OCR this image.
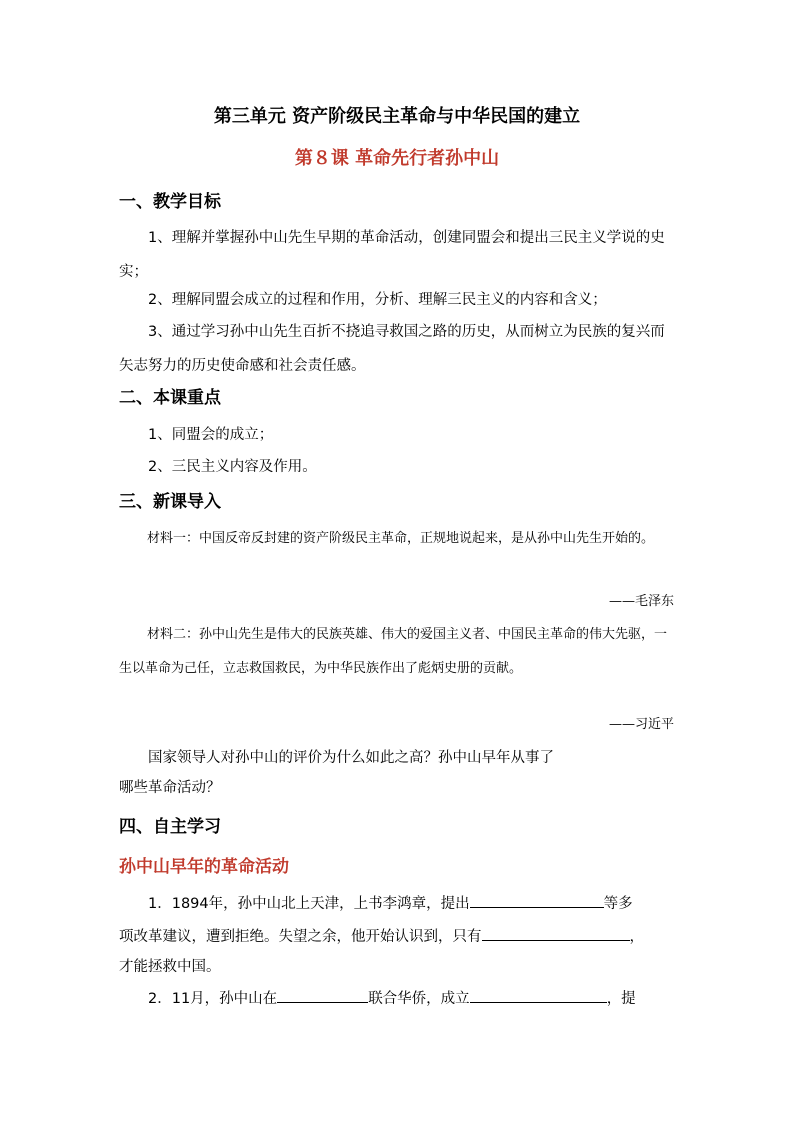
第三单元 资产阶级民主革命与中华民国的建立
第８课 革命先行者孙中山
一、教学目标
1、理解并掌握孙中山先生早期的革命活动，创建同盟会和提出三民主义学说的史实；
2、理解同盟会成立的过程和作用，分析、理解三民主义的内容和含义；
3、通过学习孙中山先生百折不挠追寻救国之路的历史，从而树立为民族的复兴而矢志努力的历史使命感和社会责任感。
二、本课重点
1、同盟会的成立；
2、三民主义内容及作用。
三、新课导入
材料一：中国反帝反封建的资产阶级民主革命，正规地说起来，是从孙中山先生开始的。
——毛泽东
材料二：孙中山先生是伟大的民族英雄、伟大的爱国主义者、中国民主革命的伟大先驱，一生以革命为己任，立志救国救民，为中华民族作出了彪炳史册的贡献。
——习近平
国家领导人对孙中山的评价为什么如此之高？孙中山早年从事了
哪些革命活动？
四、自主学习
孙中山早年的革命活动
1．1894年，孙中山北上天津，上书李鸿章，提出	等多
项改革建议，遭到拒绝。失望之余，他开始认识到，只有	，
才能拯救中国。
2．11月，孙中山在	联合华侨，成立	，提
